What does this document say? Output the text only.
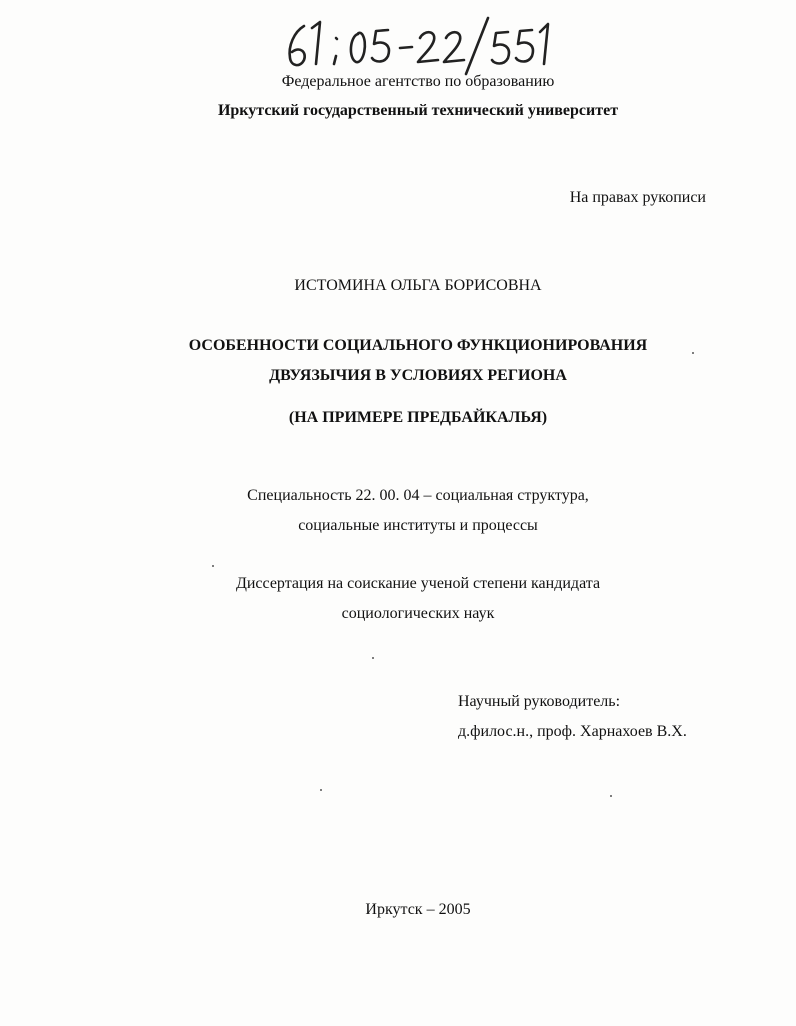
Федеральное агентство по образованию
Иркутский государственный технический университет
На правах рукописи
ИСТОМИНА ОЛЬГА БОРИСОВНА
ОСОБЕННОСТИ СОЦИАЛЬНОГО ФУНКЦИОНИРОВАНИЯ
ДВУЯЗЫЧИЯ В УСЛОВИЯХ РЕГИОНА
(НА ПРИМЕРЕ ПРЕДБАЙКАЛЬЯ)
Специальность 22. 00. 04 – социальная структура,
социальные институты и процессы
Диссертация на соискание ученой степени кандидата
социологических наук
Научный руководитель:
д.филос.н., проф. Харнахоев В.Х.
Иркутск – 2005
